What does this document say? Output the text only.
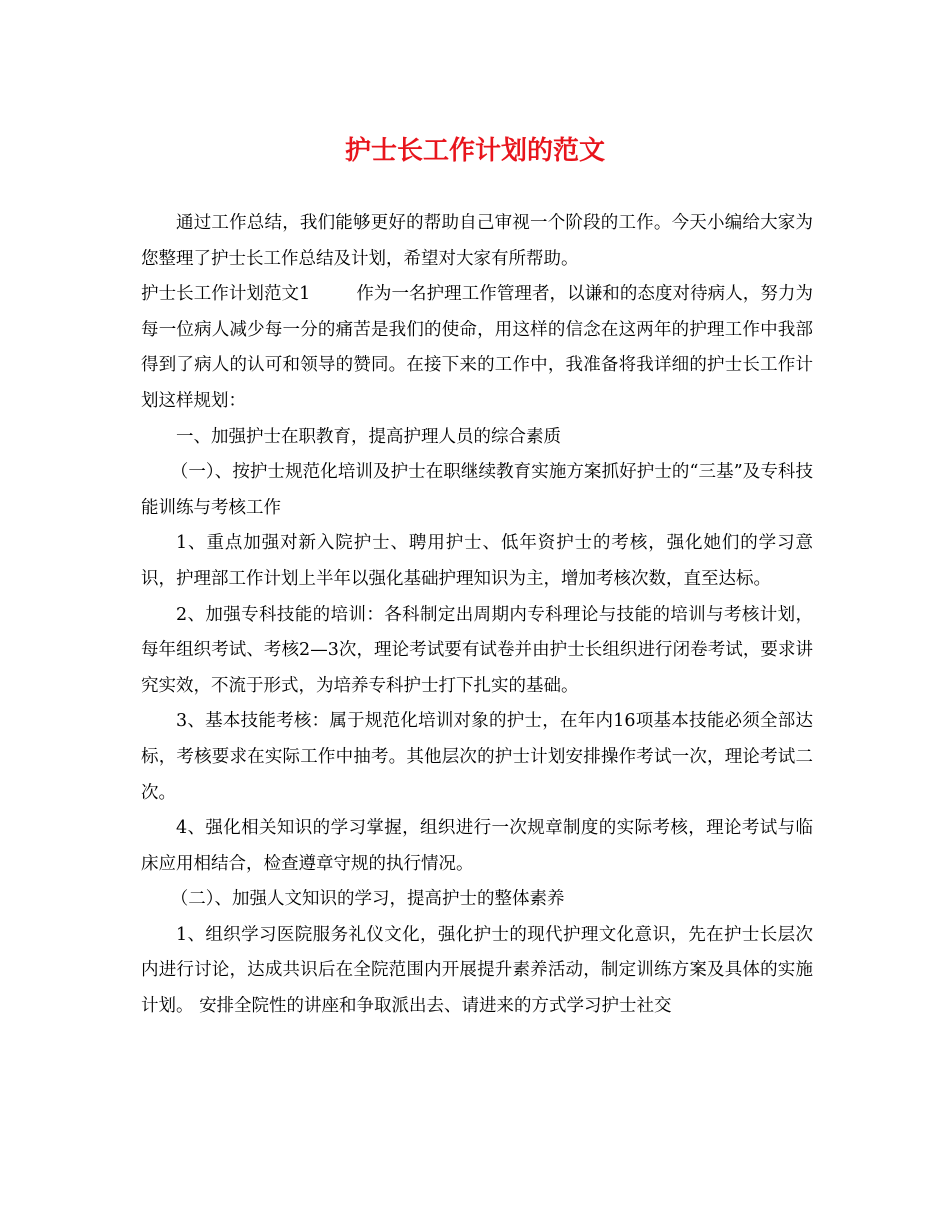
护士长工作计划的范文

通过工作总结，我们能够更好的帮助自己审视一个阶段的工作。今天小编给大家为您整理了护士长工作总结及计划，希望对大家有所帮助。

护士长工作计划范文1	作为一名护理工作管理者，以谦和的态度对待病人，努力为每一位病人减少每一分的痛苦是我们的使命，用这样的信念在这两年的护理工作中我部得到了病人的认可和领导的赞同。在接下来的工作中，我准备将我详细的护士长工作计划这样规划：

一、加强护士在职教育，提高护理人员的综合素质

（一）、按护士规范化培训及护士在职继续教育实施方案抓好护士的“三基”及专科技能训练与考核工作

1、重点加强对新入院护士、聘用护士、低年资护士的考核，强化她们的学习意识，护理部工作计划上半年以强化基础护理知识为主，增加考核次数，直至达标。

2、加强专科技能的培训：各科制定出周期内专科理论与技能的培训与考核计划，每年组织考试、考核2—3次，理论考试要有试卷并由护士长组织进行闭卷考试，要求讲究实效，不流于形式，为培养专科护士打下扎实的基础。

3、基本技能考核：属于规范化培训对象的护士，在年内16项基本技能必须全部达标，考核要求在实际工作中抽考。其他层次的护士计划安排操作考试一次，理论考试二次。

4、强化相关知识的学习掌握，组织进行一次规章制度的实际考核，理论考试与临床应用相结合，检查遵章守规的执行情况。

（二）、加强人文知识的学习，提高护士的整体素养

1、组织学习医院服务礼仪文化，强化护士的现代护理文化意识，先在护士长层次内进行讨论，达成共识后在全院范围内开展提升素养活动，制定训练方案及具体的实施计划。 安排全院性的讲座和争取派出去、请进来的方式学习护士社交
